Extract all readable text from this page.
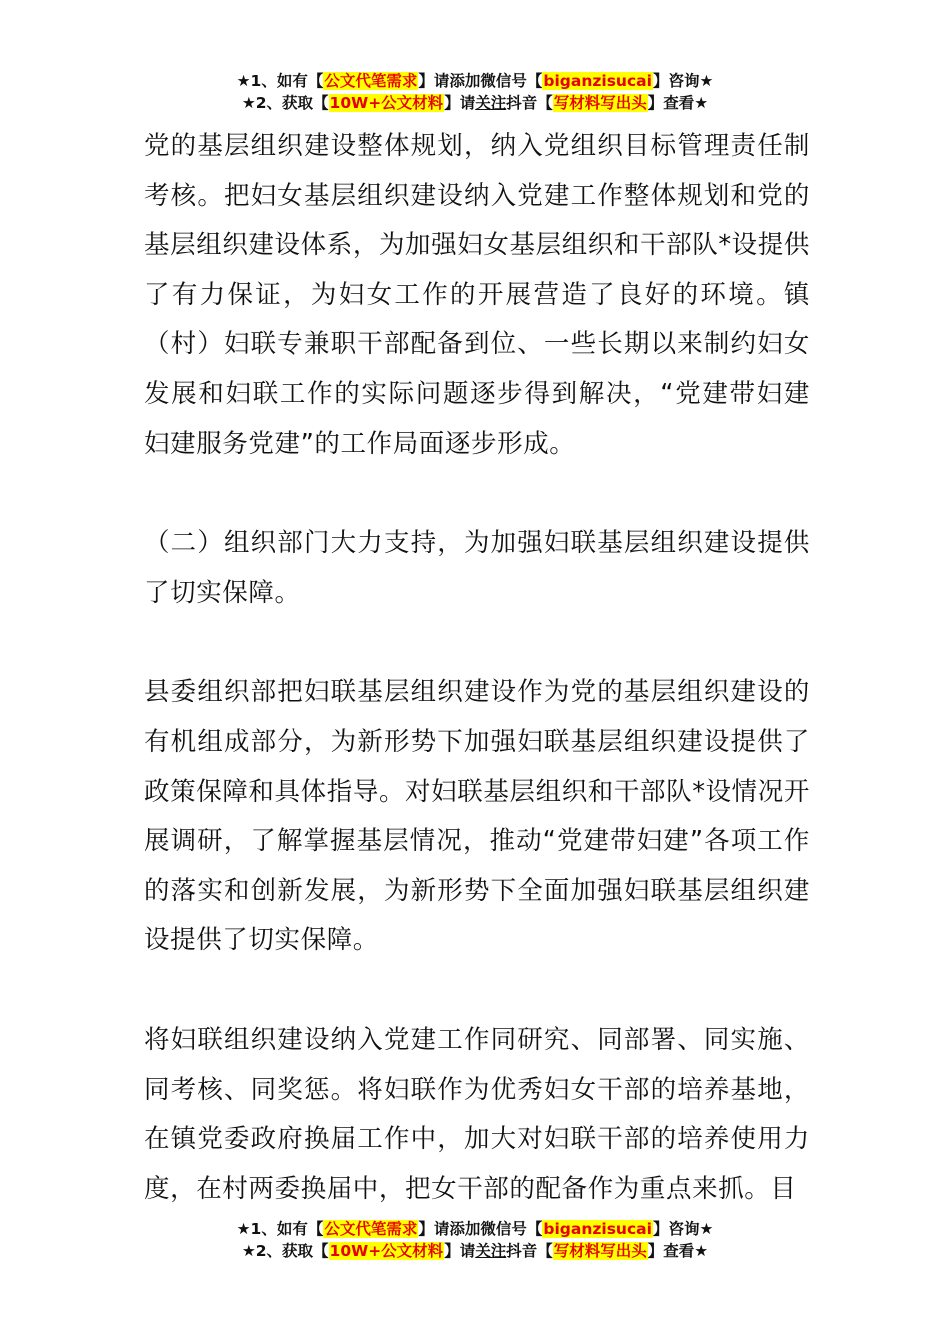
★1、如有【公文代笔需求】请添加微信号【biganzisucai】咨询★
★2、获取【10W+公文材料】请关注抖音【写材料写出头】查看★

党的基层组织建设整体规划，纳入党组织目标管理责任制考核。把妇女基层组织建设纳入党建工作整体规划和党的基层组织建设体系，为加强妇女基层组织和干部队*设提供了有力保证，为妇女工作的开展营造了良好的环境。镇（村）妇联专兼职干部配备到位、一些长期以来制约妇女发展和妇联工作的实际问题逐步得到解决，“党建带妇建妇建服务党建”的工作局面逐步形成。

（二）组织部门大力支持，为加强妇联基层组织建设提供了切实保障。

县委组织部把妇联基层组织建设作为党的基层组织建设的有机组成部分，为新形势下加强妇联基层组织建设提供了政策保障和具体指导。对妇联基层组织和干部队*设情况开展调研，了解掌握基层情况，推动“党建带妇建”各项工作的落实和创新发展，为新形势下全面加强妇联基层组织建设提供了切实保障。

将妇联组织建设纳入党建工作同研究、同部署、同实施、同考核、同奖惩。将妇联作为优秀妇女干部的培养基地，在镇党委政府换届工作中，加大对妇联干部的培养使用力度，在村两委换届中，把女干部的配备作为重点来抓。目

★1、如有【公文代笔需求】请添加微信号【biganzisucai】咨询★
★2、获取【10W+公文材料】请关注抖音【写材料写出头】查看★
